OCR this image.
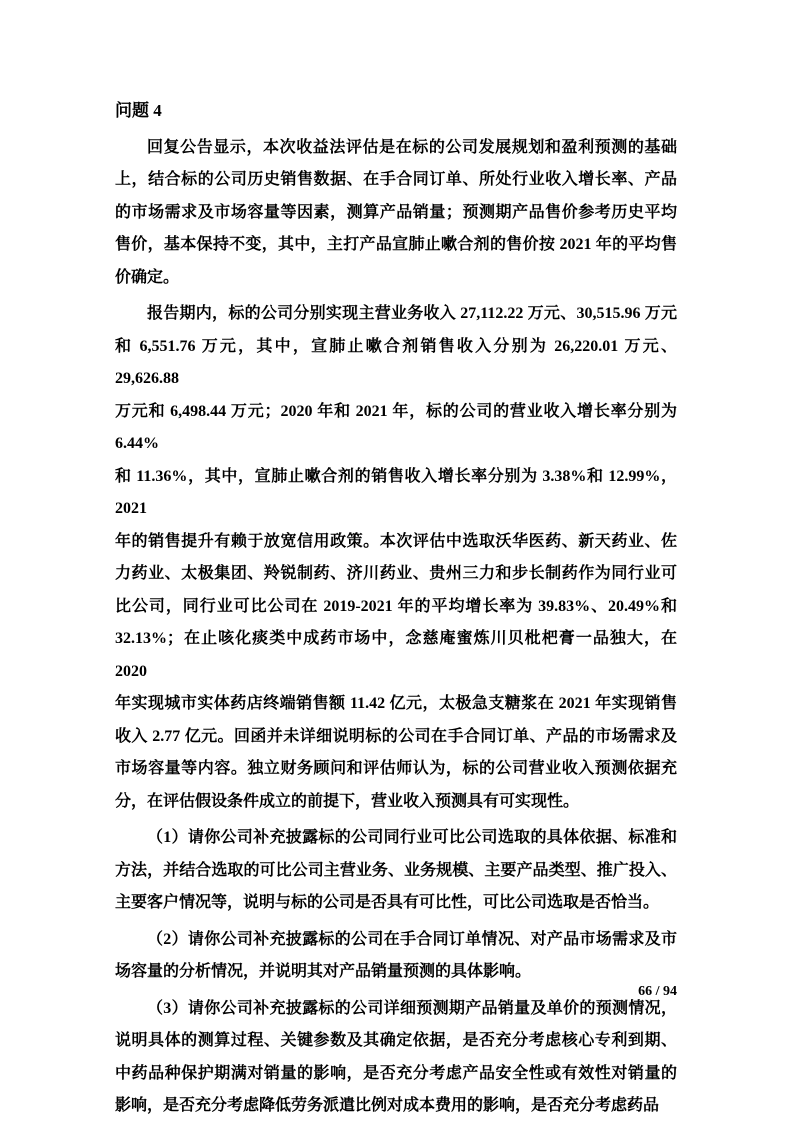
问题 4
回复公告显示，本次收益法评估是在标的公司发展规划和盈利预测的基础
上，结合标的公司历史销售数据、在手合同订单、所处行业收入增长率、产品
的市场需求及市场容量等因素，测算产品销量；预测期产品售价参考历史平均
售价，基本保持不变，其中，主打产品宣肺止嗽合剂的售价按 2021 年的平均售
价确定。
报告期内，标的公司分别实现主营业务收入 27,112.22 万元、30,515.96 万元
和 6,551.76 万元，其中，宣肺止嗽合剂销售收入分别为 26,220.01 万元、29,626.88
万元和 6,498.44 万元；2020 年和 2021 年，标的公司的营业收入增长率分别为 6.44%
和 11.36%，其中，宣肺止嗽合剂的销售收入增长率分别为 3.38%和 12.99%，2021
年的销售提升有赖于放宽信用政策。本次评估中选取沃华医药、新天药业、佐
力药业、太极集团、羚锐制药、济川药业、贵州三力和步长制药作为同行业可
比公司，同行业可比公司在 2019-2021 年的平均增长率为 39.83%、20.49%和
32.13%；在止咳化痰类中成药市场中，念慈庵蜜炼川贝枇杷膏一品独大，在 2020
年实现城市实体药店终端销售额 11.42 亿元，太极急支糖浆在 2021 年实现销售
收入 2.77 亿元。回函并未详细说明标的公司在手合同订单、产品的市场需求及
市场容量等内容。独立财务顾问和评估师认为，标的公司营业收入预测依据充
分，在评估假设条件成立的前提下，营业收入预测具有可实现性。
（1）请你公司补充披露标的公司同行业可比公司选取的具体依据、标准和
方法，并结合选取的可比公司主营业务、业务规模、主要产品类型、推广投入、
主要客户情况等，说明与标的公司是否具有可比性，可比公司选取是否恰当。
（2）请你公司补充披露标的公司在手合同订单情况、对产品市场需求及市
场容量的分析情况，并说明其对产品销量预测的具体影响。
（3）请你公司补充披露标的公司详细预测期产品销量及单价的预测情况，
说明具体的测算过程、关键参数及其确定依据，是否充分考虑核心专利到期、
中药品种保护期满对销量的影响，是否充分考虑产品安全性或有效性对销量的
影响，是否充分考虑降低劳务派遣比例对成本费用的影响，是否充分考虑药品
66 / 94
